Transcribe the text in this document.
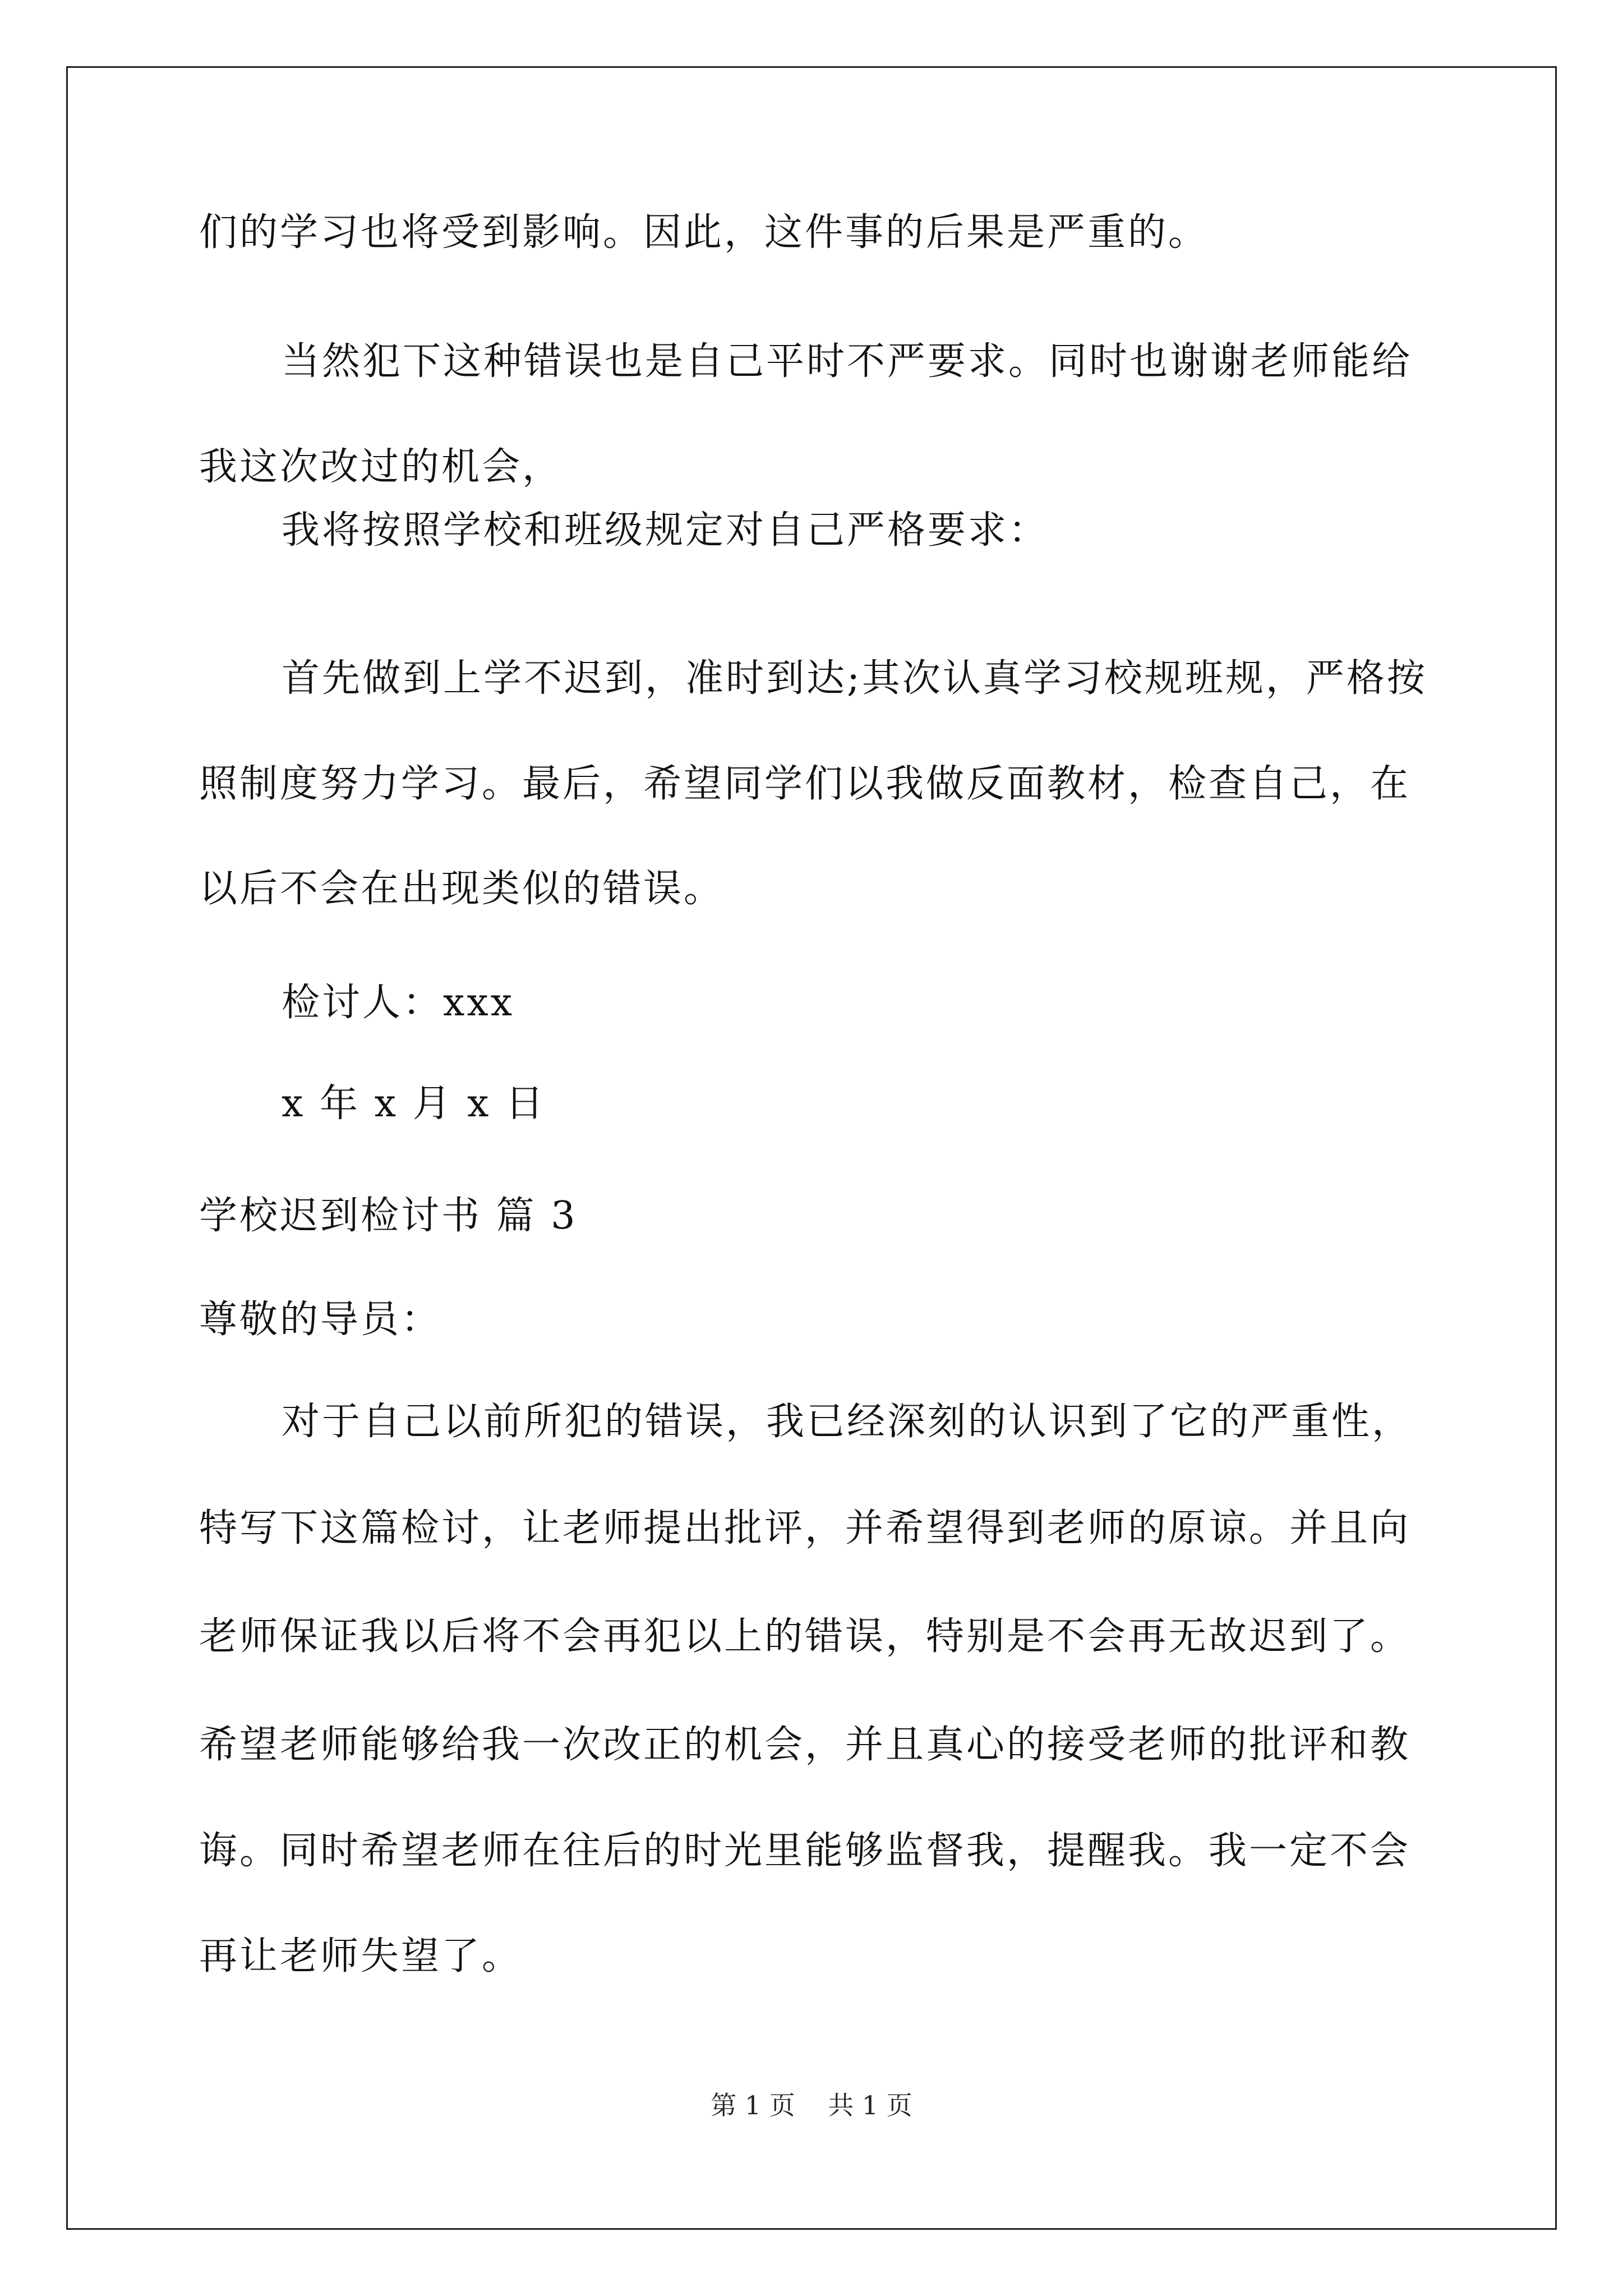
们的学习也将受到影响。因此，这件事的后果是严重的。
当然犯下这种错误也是自己平时不严要求。同时也谢谢老师能给
我这次改过的机会，
我将按照学校和班级规定对自己严格要求：
首先做到上学不迟到，准时到达;其次认真学习校规班规，严格按
照制度努力学习。最后，希望同学们以我做反面教材，检查自己，在
以后不会在出现类似的错误。
检讨人：xxx
x 年 x 月 x 日
学校迟到检讨书 篇 3
尊敬的导员：
对于自己以前所犯的错误，我已经深刻的认识到了它的严重性，
特写下这篇检讨，让老师提出批评，并希望得到老师的原谅。并且向
老师保证我以后将不会再犯以上的错误，特别是不会再无故迟到了。
希望老师能够给我一次改正的机会，并且真心的接受老师的批评和教
诲。同时希望老师在往后的时光里能够监督我，提醒我。我一定不会
再让老师失望了。
第 1 页    共 1 页
